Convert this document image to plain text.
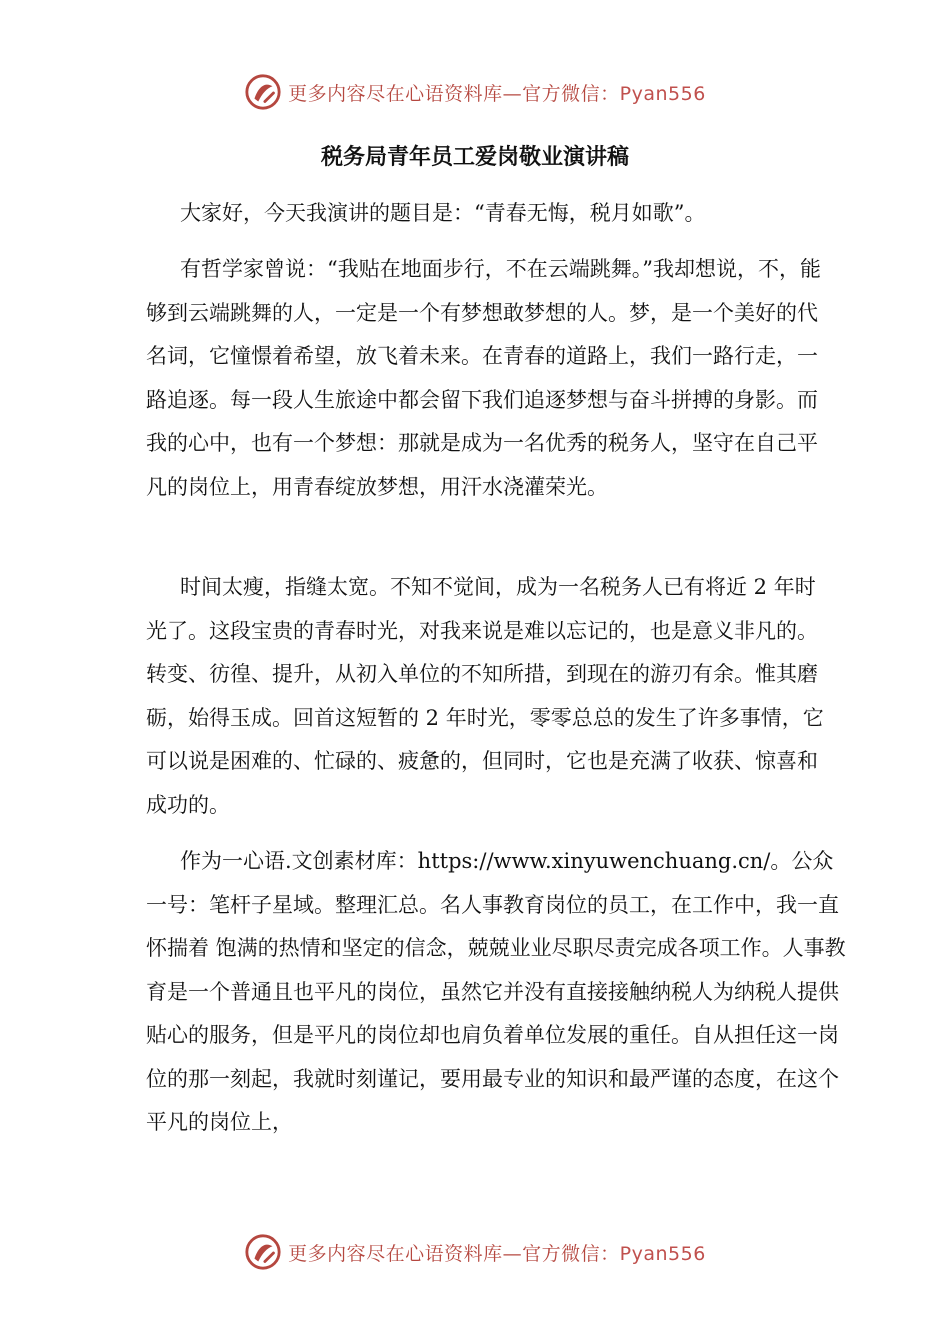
更多内容尽在心语资料库—官方微信：Pyan556
税务局青年员工爱岗敬业演讲稿

大家好，今天我演讲的题目是：“青春无悔，税月如歌”。

有哲学家曾说：“我贴在地面步行，不在云端跳舞。”我却想说，不，能够到云端跳舞的人，一定是一个有梦想敢梦想的人。梦，是一个美好的代名词，它憧憬着希望，放飞着未来。在青春的道路上，我们一路行走，一路追逐。每一段人生旅途中都会留下我们追逐梦想与奋斗拼搏的身影。而我的心中，也有一个梦想：那就是成为一名优秀的税务人，坚守在自己平凡的岗位上，用青春绽放梦想，用汗水浇灌荣光。

时间太瘦，指缝太宽。不知不觉间，成为一名税务人已有将近 2 年时光了。这段宝贵的青春时光，对我来说是难以忘记的，也是意义非凡的。转变、彷徨、提升，从初入单位的不知所措，到现在的游刃有余。惟其磨砺，始得玉成。回首这短暂的 2 年时光，零零总总的发生了许多事情，它可以说是困难的、忙碌的、疲惫的，但同时，它也是充满了收获、惊喜和成功的。

作为一心语.文创素材库：https://www.xinyuwenchuang.cn/。公众一号：笔杆子星域。整理汇总。名人事教育岗位的员工，在工作中，我一直怀揣着 饱满的热情和坚定的信念，兢兢业业尽职尽责完成各项工作。人事教育是一个普通且也平凡的岗位，虽然它并没有直接接触纳税人为纳税人提供贴心的服务，但是平凡的岗位却也肩负着单位发展的重任。自从担任这一岗位的那一刻起，我就时刻谨记，要用最专业的知识和最严谨的态度，在这个平凡的岗位上，

更多内容尽在心语资料库—官方微信：Pyan556
